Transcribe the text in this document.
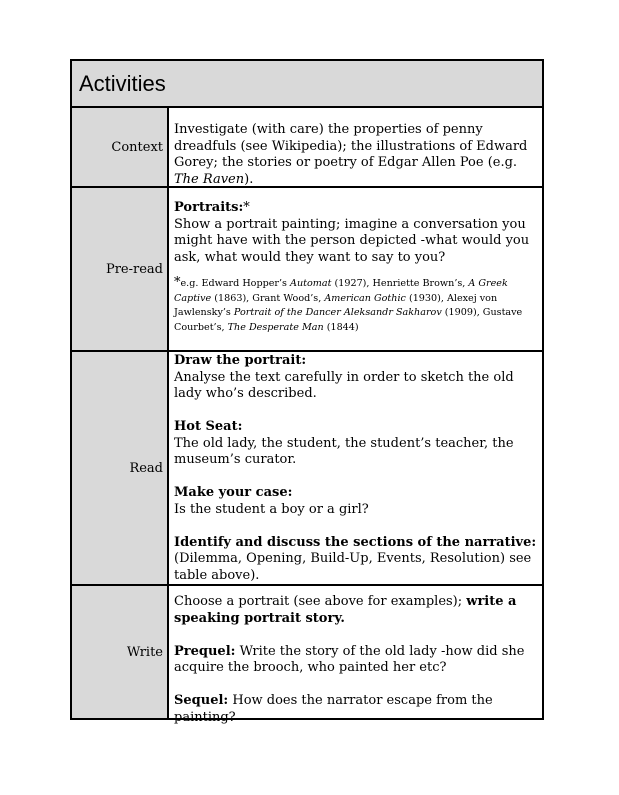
Activities
Context
Investigate (with care) the properties of penny dreadfuls (see Wikipedia); the illustrations of Edward Gorey; the stories or poetry of Edgar Allen Poe (e.g. The Raven).
Pre-read
Portraits:*
Show a portrait painting; imagine a conversation you might have with the person depicted -what would you ask, what would they want to say to you?
*e.g. Edward Hopper’s Automat (1927), Henriette Brown’s, A Greek Captive (1863), Grant Wood’s, American Gothic (1930), Alexej von Jawlensky’s Portrait of the Dancer Aleksandr Sakharov (1909), Gustave Courbet’s, The Desperate Man (1844)
Read
Draw the portrait:
Analyse the text carefully in order to sketch the old lady who’s described.
Hot Seat:
The old lady, the student, the student’s teacher, the museum’s curator.
Make your case:
Is the student a boy or a girl?
Identify and discuss the sections of the narrative:
(Dilemma, Opening, Build-Up, Events, Resolution) see table above).
Write
Choose a portrait (see above for examples); write a speaking portrait story.
Prequel: Write the story of the old lady -how did she acquire the brooch, who painted her etc?
Sequel: How does the narrator escape from the painting?
